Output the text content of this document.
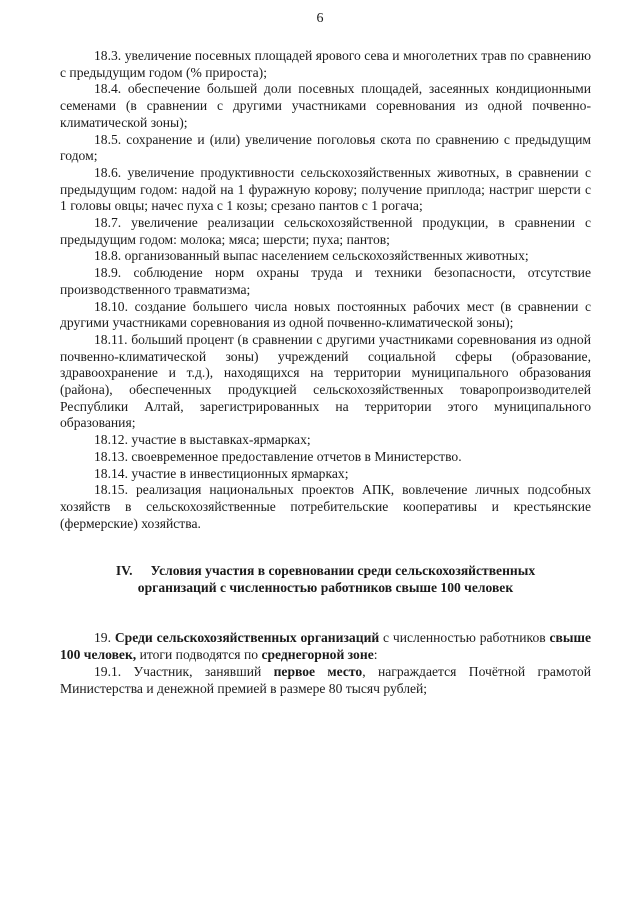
6

18.3. увеличение посевных площадей ярового сева и многолетних трав по сравнению с предыдущим годом (% прироста);

18.4. обеспечение большей доли посевных площадей, засеянных кондиционными семенами (в сравнении с другими участниками соревнования из одной почвенно-климатической зоны);

18.5. сохранение и (или) увеличение поголовья скота по сравнению с предыдущим годом;

18.6. увеличение продуктивности сельскохозяйственных животных, в сравнении с предыдущим годом: надой на 1 фуражную корову; получение приплода; настриг шерсти с 1 головы овцы; начес пуха с 1 козы; срезано пантов с 1 рогача;

18.7. увеличение реализации сельскохозяйственной продукции, в сравнении с предыдущим годом: молока; мяса; шерсти; пуха; пантов;

18.8. организованный выпас населением сельскохозяйственных животных;

18.9. соблюдение норм охраны труда и техники безопасности, отсутствие производственного травматизма;

18.10. создание большего числа новых постоянных рабочих мест (в сравнении с другими участниками соревнования из одной почвенно-климатической зоны);

18.11. больший процент (в сравнении с другими участниками соревнования из одной почвенно-климатической зоны) учреждений социальной сферы (образование, здравоохранение и т.д.), находящихся на территории муниципального образования (района), обеспеченных продукцией сельскохозяйственных товаропроизводителей Республики Алтай, зарегистрированных на территории этого муниципального образования;

18.12. участие в выставках-ярмарках;

18.13. своевременное предоставление отчетов в Министерство.

18.14. участие в инвестиционных ярмарках;

18.15. реализация национальных проектов АПК, вовлечение личных подсобных хозяйств в сельскохозяйственные потребительские кооперативы и крестьянские (фермерские) хозяйства.

IV. Условия участия в соревновании среди сельскохозяйственных
организаций с численностью работников свыше 100 человек

19. Среди сельскохозяйственных организаций с численностью работников свыше 100 человек, итоги подводятся по среднегорной зоне:

19.1. Участник, занявший первое место, награждается Почётной грамотой Министерства и денежной премией в размере 80 тысяч рублей;
